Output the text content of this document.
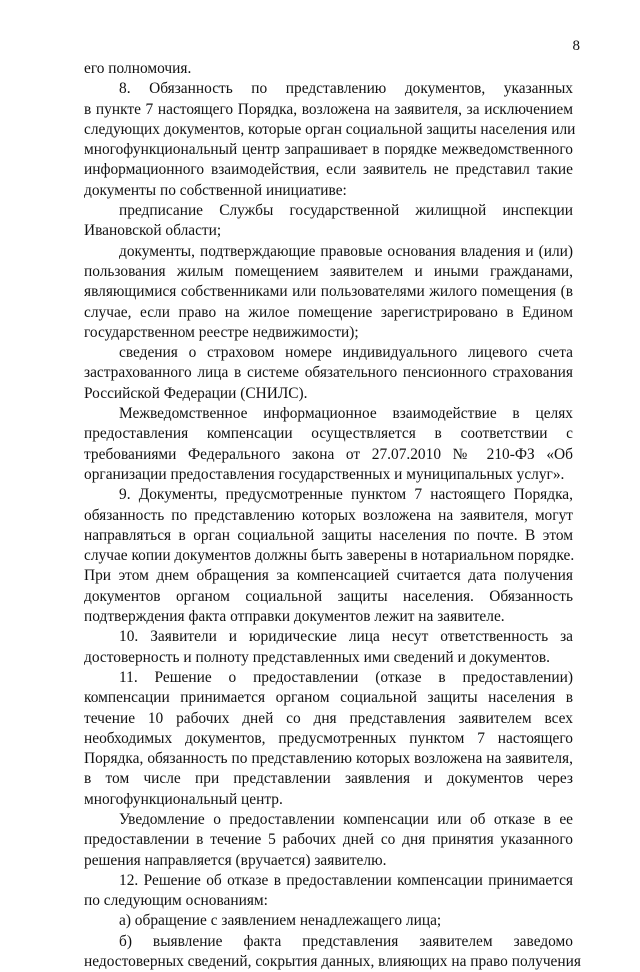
8
его полномочия.
8. Обязанность по представлению документов, указанных
в пункте 7 настоящего Порядка, возложена на заявителя, за исключением
следующих документов, которые орган социальной защиты населения или
многофункциональный центр запрашивает в порядке межведомственного
информационного взаимодействия, если заявитель не представил такие
документы по собственной инициативе:
предписание Службы государственной жилищной инспекции
Ивановской области;
документы, подтверждающие правовые основания владения и (или)
пользования жилым помещением заявителем и иными гражданами,
являющимися собственниками или пользователями жилого помещения (в
случае, если право на жилое помещение зарегистрировано в Едином
государственном реестре недвижимости);
сведения о страховом номере индивидуального лицевого счета
застрахованного лица в системе обязательного пенсионного страхования
Российской Федерации (СНИЛС).
Межведомственное информационное взаимодействие в целях
предоставления компенсации осуществляется в соответствии с
требованиями Федерального закона от 27.07.2010 № 210-ФЗ «Об
организации предоставления государственных и муниципальных услуг».
9. Документы, предусмотренные пунктом 7 настоящего Порядка,
обязанность по представлению которых возложена на заявителя, могут
направляться в орган социальной защиты населения по почте. В этом
случае копии документов должны быть заверены в нотариальном порядке.
При этом днем обращения за компенсацией считается дата получения
документов органом социальной защиты населения. Обязанность
подтверждения факта отправки документов лежит на заявителе.
10. Заявители и юридические лица несут ответственность за
достоверность и полноту представленных ими сведений и документов.
11. Решение о предоставлении (отказе в предоставлении)
компенсации принимается органом социальной защиты населения в
течение 10 рабочих дней со дня представления заявителем всех
необходимых документов, предусмотренных пунктом 7 настоящего
Порядка, обязанность по представлению которых возложена на заявителя,
в том числе при представлении заявления и документов через
многофункциональный центр.
Уведомление о предоставлении компенсации или об отказе в ее
предоставлении в течение 5 рабочих дней со дня принятия указанного
решения направляется (вручается) заявителю.
12. Решение об отказе в предоставлении компенсации принимается
по следующим основаниям:
а) обращение с заявлением ненадлежащего лица;
б) выявление факта представления заявителем заведомо
недостоверных сведений, сокрытия данных, влияющих на право получения
